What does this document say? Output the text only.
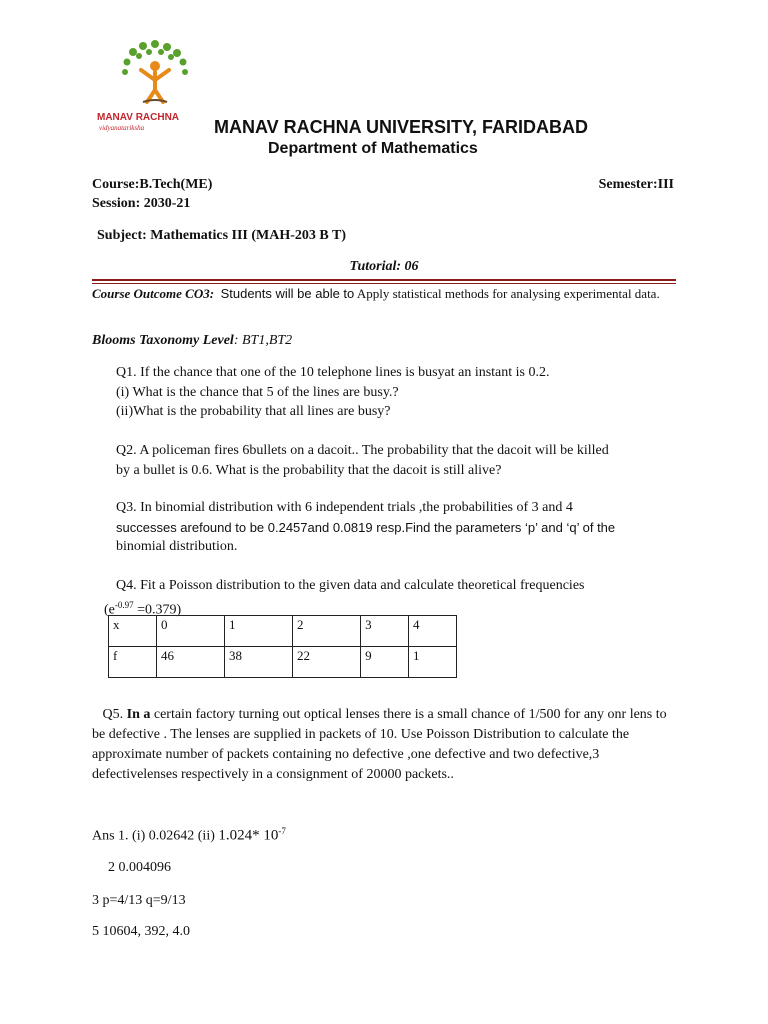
MANAV RACHNA
vidyanatariksha	MANAV RACHNA UNIVERSITY, FARIDABAD
Department of Mathematics
Course:B.Tech(ME)	Semester:III
Session: 2030-21
Subject: Mathematics III (MAH-203 B T)
Tutorial: 06
Course Outcome CO3: Students will be able to Apply statistical methods for analysing experimental data.
Blooms Taxonomy Level: BT1,BT2
Q1. If the chance that one of the 10 telephone lines is busyat an instant is 0.2.
(i) What is the chance that 5 of the lines are busy.?
(ii)What is the probability that all lines are busy?
Q2. A policeman fires 6bullets on a dacoit.. The probability that the dacoit will be killed
by a bullet is 0.6. What is the probability that the dacoit is still alive?
Q3. In binomial distribution with 6 independent trials ,the probabilities of 3 and 4
successes arefound to be 0.2457and 0.0819 resp.Find the parameters ‘p’ and ‘q’ of the
binomial distribution.
Q4. Fit a Poisson distribution to the given data and calculate theoretical frequencies
$(e^{-0.97} =0.379)$
x	0	1	2	3	4
f	46	38	22	9	1
Q5. In a certain factory turning out optical lenses there is a small chance of 1/500 for any onr lens to be defective . The lenses are supplied in packets of 10. Use Poisson Distribution to calculate the approximate number of packets containing no defective ,one defective and two defective,3 defectivelenses respectively in a consignment of 20000 packets..
Ans 1. (i) 0.02642 (ii) 1.024* $10^{-7}$
2 0.004096
3 p=4/13 q=9/13
5 10604, 392, 4.0
